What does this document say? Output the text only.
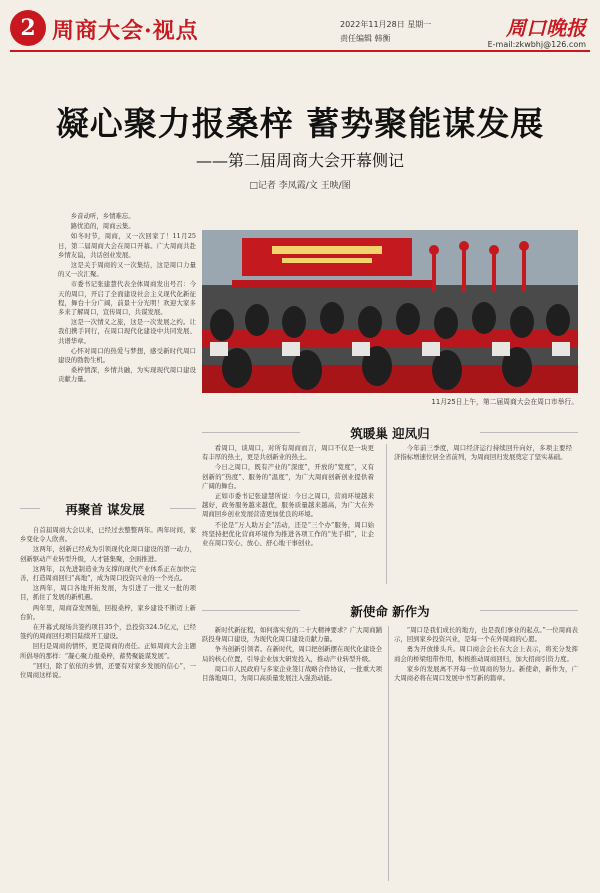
2 周商大会·视点	2022年11月28日 星期一
责任编辑 韩衡	周口晚报
E-mail:zkwbhj@126.com
凝心聚力报桑梓 蓄势聚能谋发展
——第二届周商大会开幕侧记
□记者 李凤霞/文 王映/图

乡音动听，乡情难忘。

路忧追的，周商云集。

如冬时节，周商，又一次回家了！11月25日，第二届周商大会在周口开幕。广大周商共赴乡情友谊，共话创业发展。

这是关于周商的又一次集结，这是周口力量的又一次汇聚。

市委书记张建慧代表全体周商发出号召：今天的周口，开启了全面建设社会主义现代化新征程，舞台十分广阔，前景十分光明！欢迎大家多多来了解周口，宣传周口，共谋发展。

这是一次情义之旅，这是一次发展之约。让我们携手同行，在周口现代化建设中共同发展、共谱华章。

心怀对周口的热爱与梦想，感受新时代周口建设的勃勃生机。

桑梓情深，乡情共融，为实现现代周口建设贡献力量。

11月25日上午，第二届周商大会在周口市举行。
筑暖巢 迎凤归
再聚首 谋发展

看周口，谈周口，对所有周商而言，周口不仅是一块更有丰厚的热土，更是共创新业的热土。

今日之周口，既有产业的“深度”，开放的“宽度”，又有创新的“热度”、服务的“温度”，为广大周商创新创业提供着广阔的舞台。

正如市委书记张建慧所说：今日之周口，营商环境越来越好，政务服务越来越优，服务质量越来越高，为广大在外周商回乡创业发展营造更加优良的环境。

不论是“万人助万企”活动，还是“三个办”服务，周口始终坚持把优化营商环境作为推进各项工作的“先手棋”，让企业在周口安心、放心、舒心地干事创业。

今年前三季度，周口经济运行持续回升向好，多项主要经济指标增速位居全省前列，为周商回归发展奠定了坚实基础。

自首届周商大会以来，已经过去整整两年。两年时间，家乡变化令人欣喜。

这两年，创新已经成为引领现代化周口建设的第一动力，创新驱动产业转型升级，人才链集聚，全面推进。

这两年，以先进制造业为支撑的现代产业体系正在加快完善，打造周商回归“高地”，成为周口投资兴业的一个亮点。

这两年，周口各地开拓发展，为引进了一批又一批的项目，抓住了发展的新机遇。

两年里，周商奋发图强，回报桑梓，家乡建设不断迈上新台阶。

在开幕式现场共签约项目35个，总投资324.5亿元，已经签约的周商回归项目陆续开工建设。

回归是周商的情怀，更是周商的责任。正如周商大会主题所倡导的那样：“凝心聚力报桑梓，蓄势聚能谋发展”。

“回归，除了依依的乡情，还要有对家乡发展的信心”，一位周商这样说。

新使命 新作为

新时代新征程，如何落实党的二十大精神要求？广大周商踊跃投身周口建设，为现代化周口建设贡献力量。

争当创新引领者。在新时代，周口把创新摆在现代化建设全局的核心位置，引导企业加大研发投入，推动产业转型升级。

周口市人民政府与多家企业签订战略合作协议，一批重大项目落地周口，为周口高质量发展注入强劲动能。

“周口是我们成长的地方，也是我们事业的起点。”一位周商表示，回到家乡投资兴业，是每一个在外周商的心愿。

勇为开放排头兵。周口商会会长在大会上表示，将充分发挥商会的桥梁纽带作用，积极推动周商回归，加大招商引资力度。

家乡的发展离不开每一位周商的努力。新使命，新作为，广大周商必将在周口发展中书写新的篇章。
